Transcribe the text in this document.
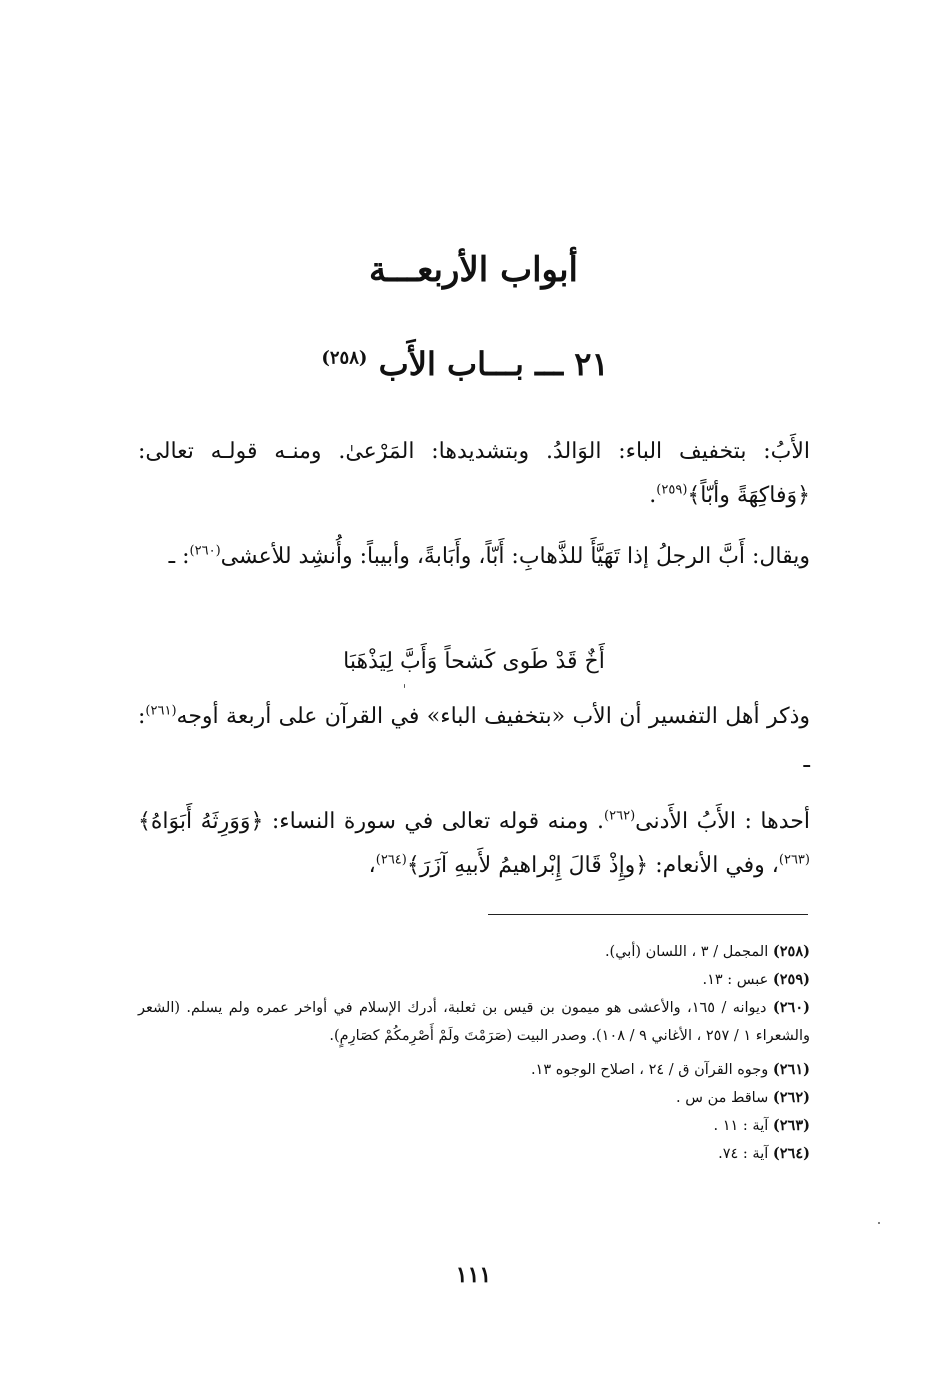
أبواب الأربعـــة
٢١ ـــ بـــاب الأَب $^{(٢٥٨)}$
الأَبُ: بتخفيف الباء: الوَالدُ. وبتشديدها: المَرْعىٰ. ومنـه قولـه تعالى: ﴿وَفاكِهَةً وأبّاً﴾$^{(٢٥٩)}$.
ويقال: أَبَّ الرجلُ إذا تَهَيَّأَ للذَّهابِ: أَبّاً، وأَبَابةً، وأبيباً: وأُنشِد للأعشى$^{(٢٦٠)}$: ـ
أَخٌ قَدْ طَوى كَشحاً وَأَبَّ لِيَذْهَبَا
وذكر أهل التفسير أن الأب «بتخفيف الباء» في القرآن على أربعة أوجه$^{(٢٦١)}$: ـ
أحدها : الأَبُ الأَدنى$^{(٢٦٢)}$. ومنه قوله تعالى في سورة النساء: ﴿وَوَرِثَهُ أَبَوَاهُ﴾$^{(٢٦٣)}$، وفي الأنعام: ﴿وإِذْ قَالَ إِبْراهيمُ لأَبيهِ آزَرَ﴾$^{(٢٦٤)}$،

(٢٥٨) المجمل / ٣ ، اللسان (أبي).

(٢٥٩) عبس : ١٣.

(٢٦٠) ديوانه / ١٦٥، والأعشى هو ميمون بن قيس بن ثعلبة، أدرك الإسلام في أواخر عمره ولم يسلم. (الشعر والشعراء ١ / ٢٥٧ ، الأغاني ٩ / ١٠٨). وصدر البيت (صَرَمْتَ ولَمْ أَصْرِمكُمْ كصَارِمٍ).

(٢٦١) وجوه القرآن ق / ٢٤ ، اصلاح الوجوه ١٣.

(٢٦٢) ساقط من س .

(٢٦٣) آية : ١١ .

(٢٦٤) آية : ٧٤.

١١١
